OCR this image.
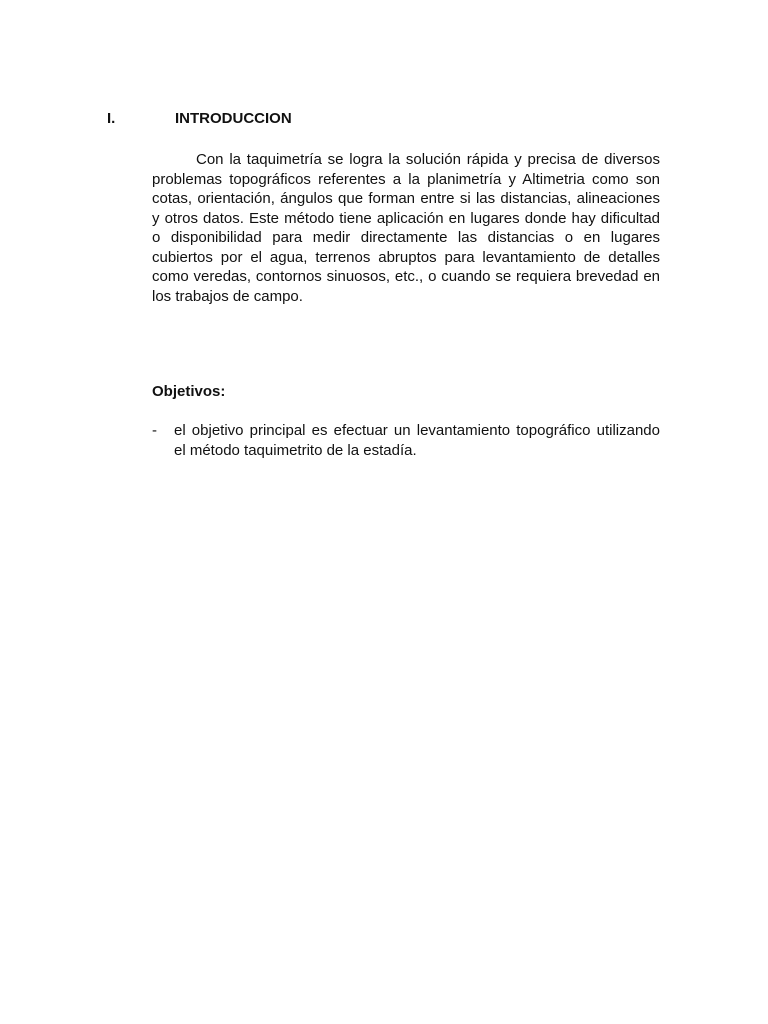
I.	INTRODUCCION

Con la taquimetría se logra la solución rápida y precisa de diversos problemas topográficos referentes a la planimetría y Altimetria como son cotas, orientación, ángulos que forman entre si las distancias, alineaciones y otros datos. Este método tiene aplicación en lugares donde hay dificultad o disponibilidad para medir directamente las distancias o en lugares cubiertos por el agua, terrenos abruptos para levantamiento de detalles como veredas, contornos sinuosos, etc., o cuando se requiera brevedad en los trabajos de campo.

Objetivos:
- el objetivo principal es efectuar un levantamiento topográfico utilizando el método taquimetrito de la estadía.
